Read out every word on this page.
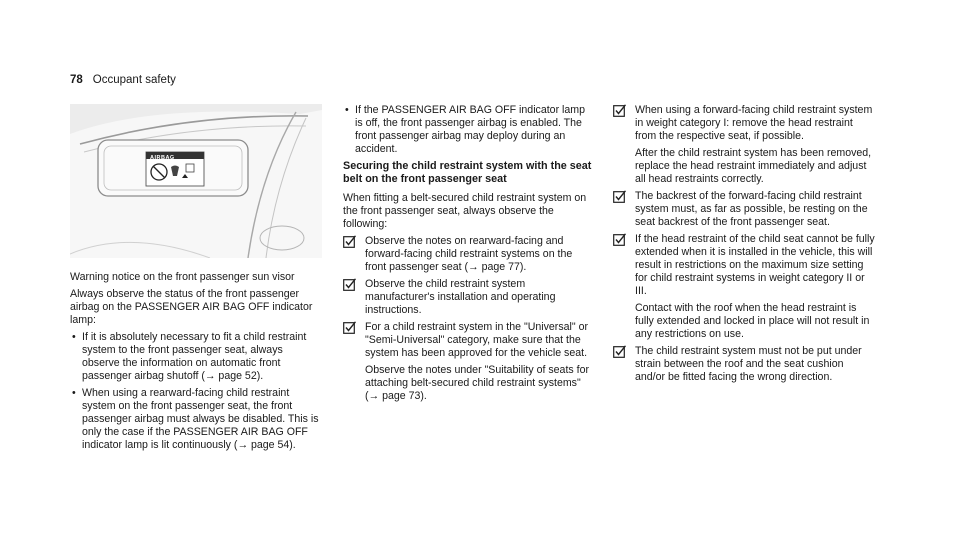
78 Occupant safety
AIRBAG

Warning notice on the front passenger sun visor

Always observe the status of the front passenger airbag on the PASSENGER AIR BAG OFF indicator lamp:

• If it is absolutely necessary to fit a child restraint system to the front passenger seat, always observe the information on automatic front passenger airbag shutoff (→ page 52).
• When using a rearward-facing child restraint system on the front passenger seat, the front passenger airbag must always be disabled. This is only the case if the PASSENGER AIR BAG OFF indicator lamp is lit continuously (→ page 54).
• If the PASSENGER AIR BAG OFF indicator lamp is off, the front passenger airbag is enabled. The front passenger airbag may deploy during an accident.
Securing the child restraint system with the seat belt on the front passenger seat

When fitting a belt-secured child restraint system on the front passenger seat, always observe the following:

Observe the notes on rearward-facing and forward-facing child restraint systems on the front passenger seat (→ page 77).
Observe the child restraint system manufacturer's installation and operating instructions.
For a child restraint system in the "Universal" or "Semi-Universal" category, make sure that the system has been approved for the vehicle seat.
Observe the notes under "Suitability of seats for attaching belt-secured child restraint systems" (→ page 73).
When using a forward-facing child restraint system in weight category I: remove the head restraint from the respective seat, if possible.
After the child restraint system has been removed, replace the head restraint immediately and adjust all head restraints correctly.
The backrest of the forward-facing child restraint system must, as far as possible, be resting on the seat backrest of the front passenger seat.
If the head restraint of the child seat cannot be fully extended when it is installed in the vehicle, this will result in restrictions on the maximum size setting for child restraint systems in weight category II or III.
Contact with the roof when the head restraint is fully extended and locked in place will not result in any restrictions on use.
The child restraint system must not be put under strain between the roof and the seat cushion and/or be fitted facing the wrong direction.
